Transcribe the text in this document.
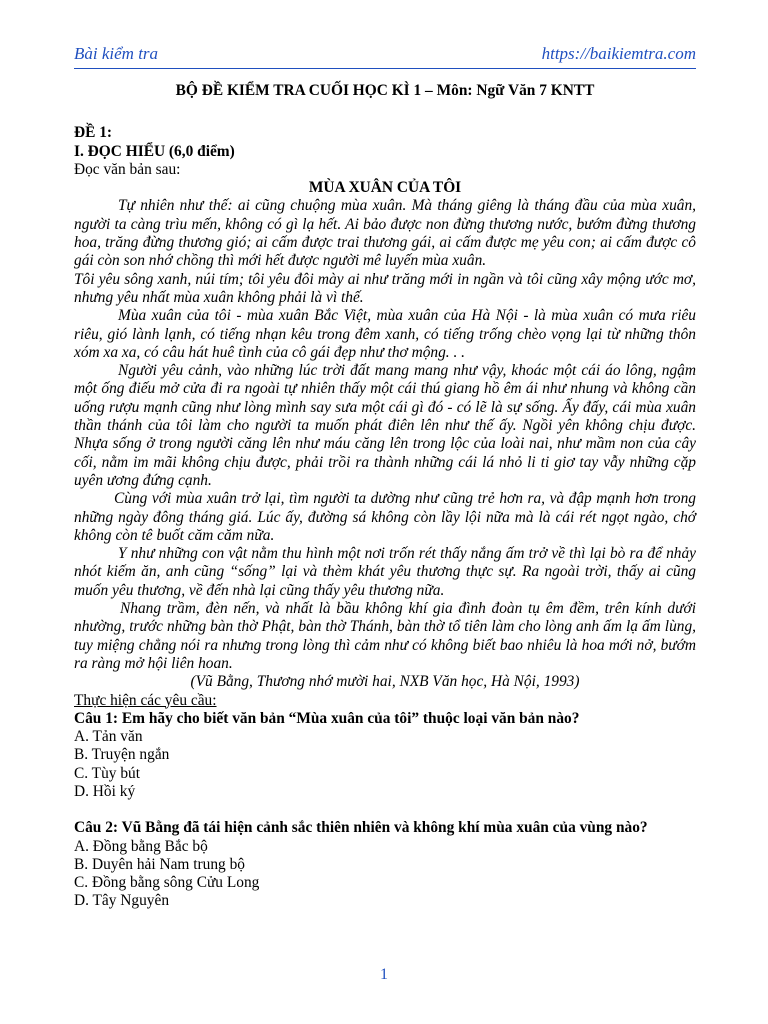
Bài kiểm tra	https://baikiemtra.com

BỘ ĐỀ KIỂM TRA CUỐI HỌC KÌ 1 – Môn: Ngữ Văn 7 KNTT

ĐỀ 1:

I. ĐỌC HIỂU (6,0 điểm)

Đọc văn bản sau:

MÙA XUÂN CỦA TÔI

Tự nhiên như thế: ai cũng chuộng mùa xuân. Mà tháng giêng là tháng đầu của mùa xuân, người ta càng trìu mến, không có gì lạ hết. Ai bảo được non đừng thương nước, bướm đừng thương hoa, trăng đừng thương gió; ai cấm được trai thương gái, ai cấm được mẹ yêu con; ai cấm được cô gái còn son nhớ chồng thì mới hết được người mê luyến mùa xuân.

Tôi yêu sông xanh, núi tím; tôi yêu đôi mày ai như trăng mới in ngần và tôi cũng xây mộng ước mơ, nhưng yêu nhất mùa xuân không phải là vì thế.

Mùa xuân của tôi - mùa xuân Bắc Việt, mùa xuân của Hà Nội - là mùa xuân có mưa riêu riêu, gió lành lạnh, có tiếng nhạn kêu trong đêm xanh, có tiếng trống chèo vọng lại từ những thôn xóm xa xa, có câu hát huê tình của cô gái đẹp như thơ mộng. . .

Người yêu cảnh, vào những lúc trời đất mang mang như vậy, khoác một cái áo lông, ngậm một ống điếu mở cửa đi ra ngoài tự nhiên thấy một cái thú giang hồ êm ái như nhung và không cần uống rượu mạnh cũng như lòng mình say sưa một cái gì đó - có lẽ là sự sống. Ấy đấy, cái mùa xuân thần thánh của tôi làm cho người ta muốn phát điên lên như thế ấy. Ngồi yên không chịu được. Nhựa sống ở trong người căng lên như máu căng lên trong lộc của loài nai, như mầm non của cây cối, nằm im mãi không chịu được, phải trồi ra thành những cái lá nhỏ li ti giơ tay vẫy những cặp uyên ương đứng cạnh.

Cùng với mùa xuân trở lại, tìm người ta dường như cũng trẻ hơn ra, và đập mạnh hơn trong những ngày đông tháng giá. Lúc ấy, đường sá không còn lầy lội nữa mà là cái rét ngọt ngào, chớ không còn tê buốt căm căm nữa.

Y như những con vật nằm thu hình một nơi trốn rét thấy nắng ấm trở về thì lại bò ra để nhảy nhót kiếm ăn, anh cũng “sống” lại và thèm khát yêu thương thực sự. Ra ngoài trời, thấy ai cũng muốn yêu thương, về đến nhà lại cũng thấy yêu thương nữa.

Nhang trầm, đèn nến, và nhất là bầu không khí gia đình đoàn tụ êm đềm, trên kính dưới nhường, trước những bàn thờ Phật, bàn thờ Thánh, bàn thờ tổ tiên làm cho lòng anh ấm lạ ấm lùng, tuy miệng chẳng nói ra nhưng trong lòng thì cảm như có không biết bao nhiêu là hoa mới nở, bướm ra ràng mở hội liên hoan.

(Vũ Bằng, Thương nhớ mười hai, NXB Văn học, Hà Nội, 1993)

Thực hiện các yêu cầu:

Câu 1: Em hãy cho biết văn bản “Mùa xuân của tôi” thuộc loại văn bản nào?

A. Tản văn

B. Truyện ngắn

C. Tùy bút

D. Hồi ký

Câu 2: Vũ Bằng đã tái hiện cảnh sắc thiên nhiên và không khí mùa xuân của vùng nào?

A. Đồng bằng Bắc bộ

B. Duyên hải Nam trung bộ

C. Đồng bằng sông Cửu Long

D. Tây Nguyên

1
